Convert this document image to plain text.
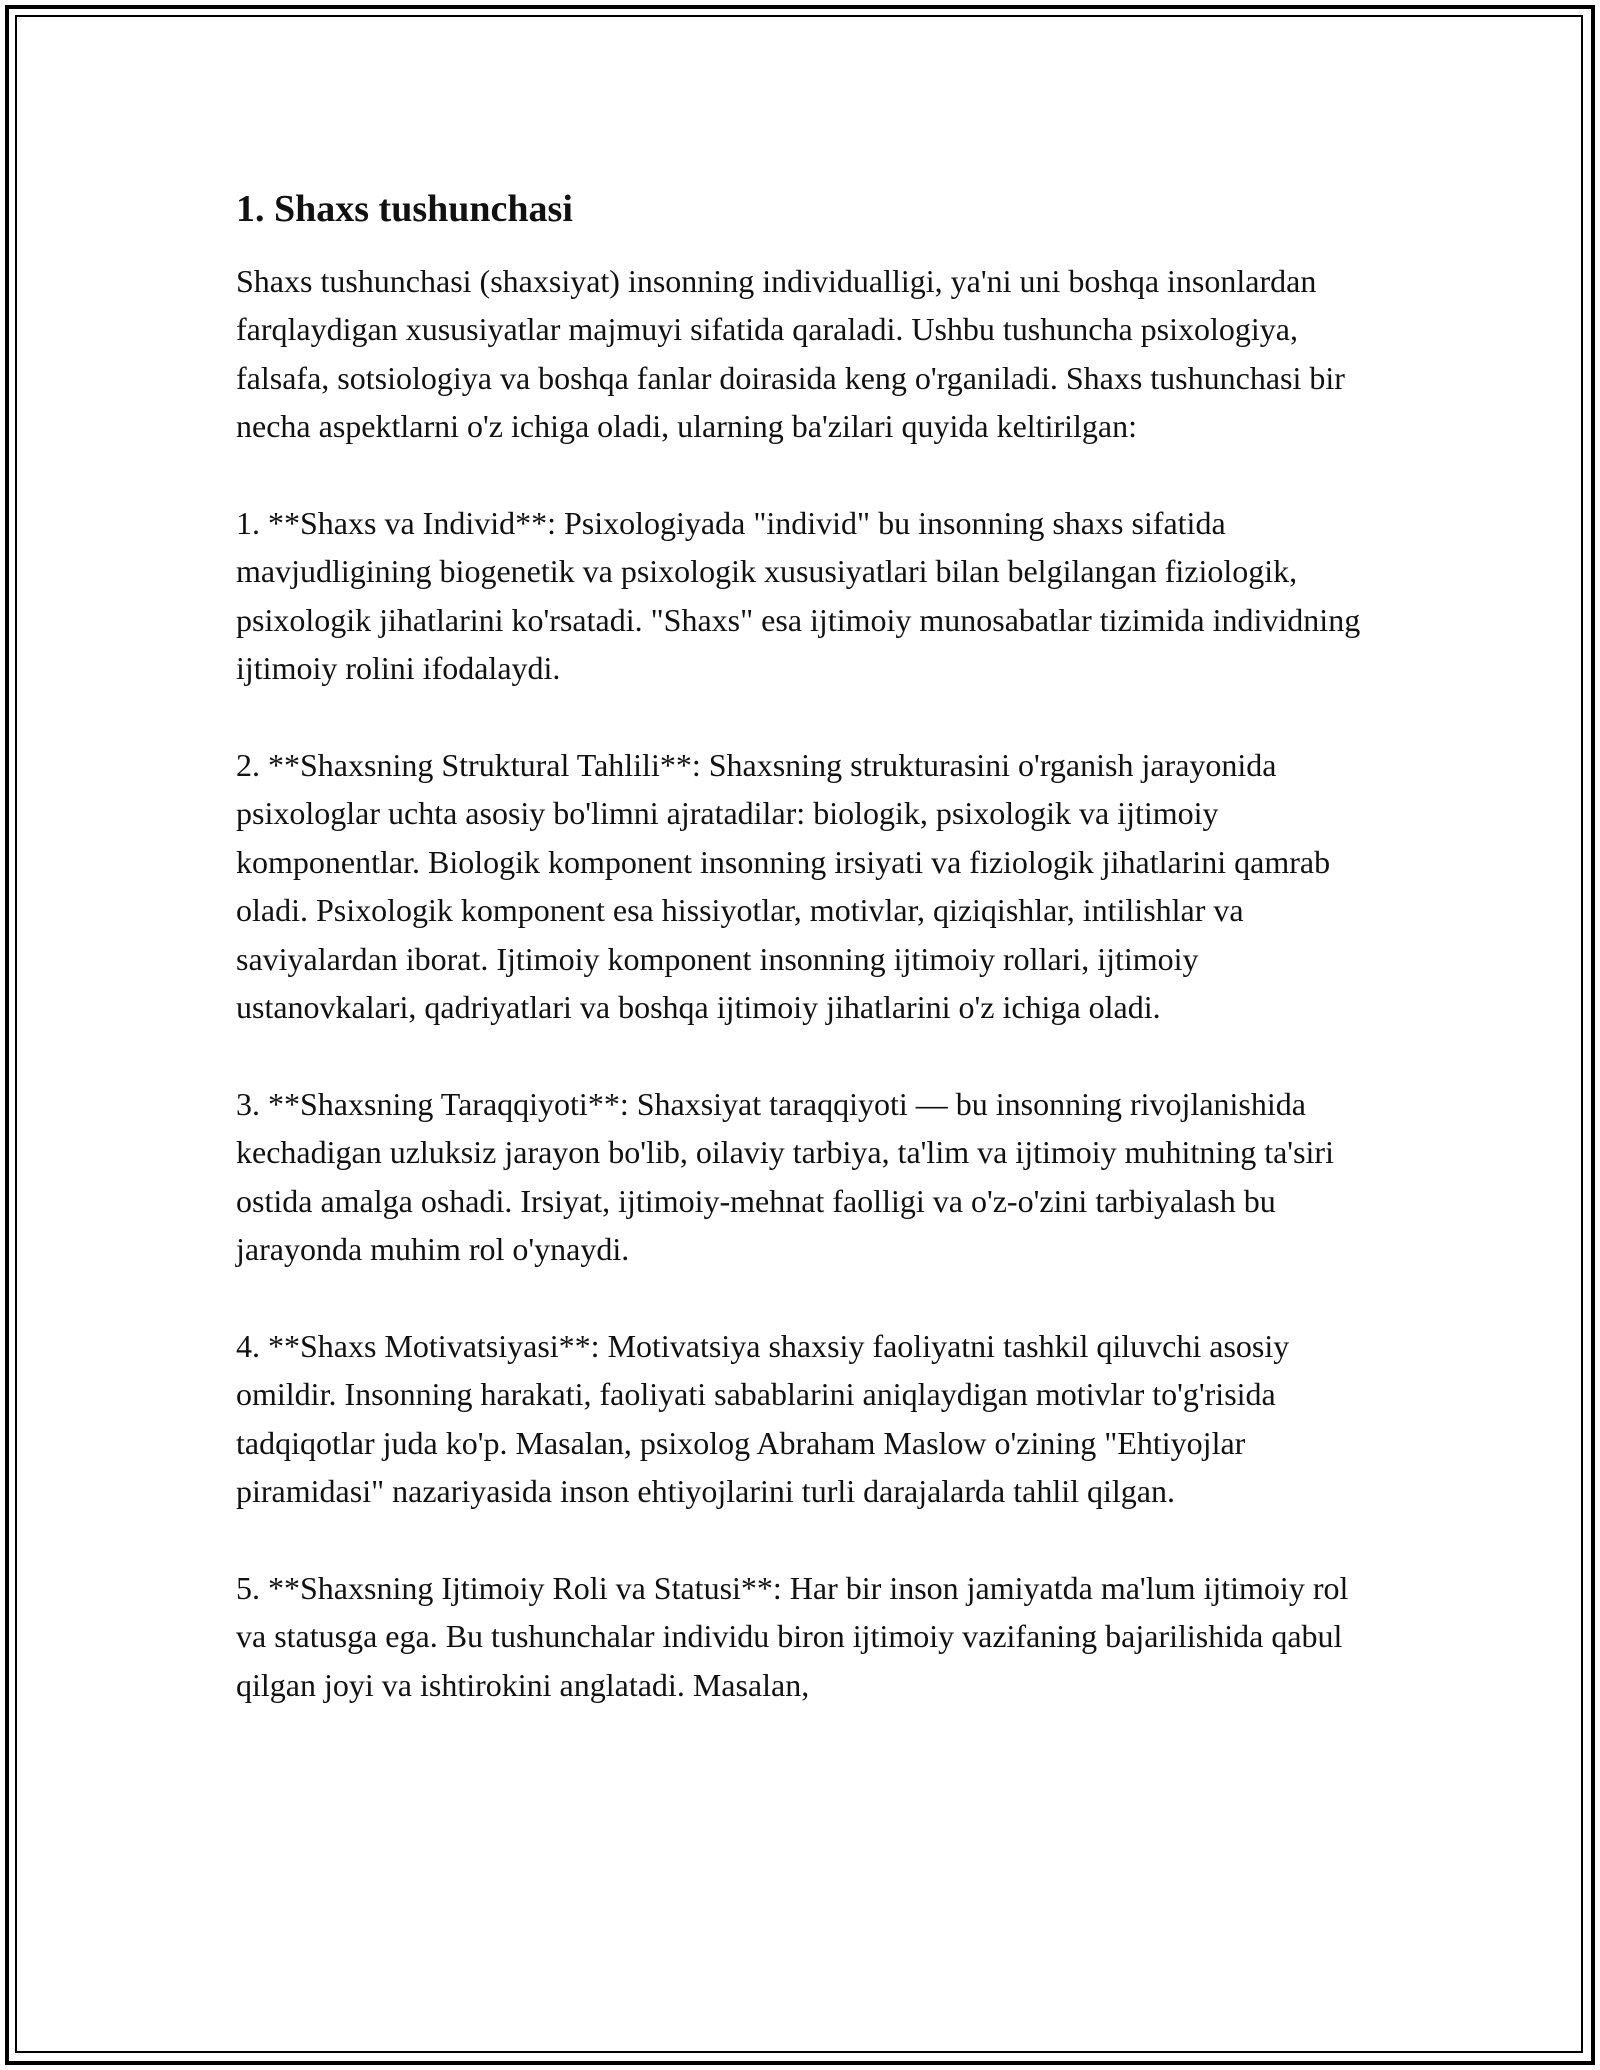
1. Shaxs tushunchasi

Shaxs tushunchasi (shaxsiyat) insonning individualligi, ya'ni uni boshqa insonlardan farqlaydigan xususiyatlar majmuyi sifatida qaraladi. Ushbu tushuncha psixologiya, falsafa, sotsiologiya va boshqa fanlar doirasida keng o'rganiladi. Shaxs tushunchasi bir necha aspektlarni o'z ichiga oladi, ularning ba'zilari quyida keltirilgan:

1. **Shaxs va Individ**: Psixologiyada "individ" bu insonning shaxs sifatida mavjudligining biogenetik va psixologik xususiyatlari bilan belgilangan fiziologik, psixologik jihatlarini ko'rsatadi. "Shaxs" esa ijtimoiy munosabatlar tizimida individning ijtimoiy rolini ifodalaydi.

2. **Shaxsning Struktural Tahlili**: Shaxsning strukturasini o'rganish jarayonida psixologlar uchta asosiy bo'limni ajratadilar: biologik, psixologik va ijtimoiy komponentlar. Biologik komponent insonning irsiyati va fiziologik jihatlarini qamrab oladi. Psixologik komponent esa hissiyotlar, motivlar, qiziqishlar, intilishlar va saviyalardan iborat. Ijtimoiy komponent insonning ijtimoiy rollari, ijtimoiy ustanovkalari, qadriyatlari va boshqa ijtimoiy jihatlarini o'z ichiga oladi.

3. **Shaxsning Taraqqiyoti**: Shaxsiyat taraqqiyoti — bu insonning rivojlanishida kechadigan uzluksiz jarayon bo'lib, oilaviy tarbiya, ta'lim va ijtimoiy muhitning ta'siri ostida amalga oshadi. Irsiyat, ijtimoiy-mehnat faolligi va o'z-o'zini tarbiyalash bu jarayonda muhim rol o'ynaydi.

4. **Shaxs Motivatsiyasi**: Motivatsiya shaxsiy faoliyatni tashkil qiluvchi asosiy omildir. Insonning harakati, faoliyati sabablarini aniqlaydigan motivlar to'g'risida tadqiqotlar juda ko'p. Masalan, psixolog Abraham Maslow o'zining "Ehtiyojlar piramidasi" nazariyasida inson ehtiyojlarini turli darajalarda tahlil qilgan.

5. **Shaxsning Ijtimoiy Roli va Statusi**: Har bir inson jamiyatda ma'lum ijtimoiy rol va statusga ega. Bu tushunchalar individu biron ijtimoiy vazifaning bajarilishida qabul qilgan joyi va ishtirokini anglatadi. Masalan,
